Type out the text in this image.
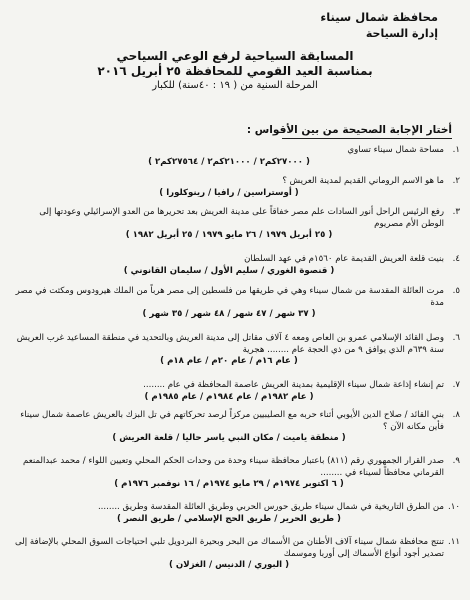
محافظة شمال سيناء
إدارة السياحة
المسابقة السياحية لرفع الوعي السياحي
بمناسبة العيد القومي للمحافظة ٢٥ أبريل ٢٠١٦
المرحلة السنية من ( ١٩ : ٤٠سنة) للكبار
أختار الإجابة الصحيحة من بين الأقواس :
١.
مساحة شمال سيناء تساوي
( ٢٧٠٠٠كم٢ / ٢١٠٠٠كم٢ / ٢٧٥٦٤كم٢ )
٢.
ما هو الاسم الروماني القديم لمدينة العريش ؟
( أوستراسين / رافيا / رينوكلورا )
٣.
رفع الرئيس الراحل أنور السادات علم مصر خفاقاً على مدينة العريش بعد تحريرها من العدو الإسرائيلي وعودتها إلى الوطن الأم مصريوم
( ٢٥ أبريل ١٩٧٩ / ٢٦ مايو ١٩٧٩ / ٢٥ أبريل ١٩٨٢ )
٤.
بنيت قلعة العريش القديمة عام ١٥٦٠م في عهد السلطان
( قنصوة الغوري / سليم الأول / سليمان القانوني )
٥.
مرت العائلة المقدسة من شمال سيناء وهي في طريقها من فلسطين إلى مصر هرباً من الملك هيرودوس ومكثت في مصر مدة
( ٣٧ شهر / ٤٧ شهر / ٤٨ شهر / ٣٥ شهر )
٦.
وصل القائد الإسلامي عمرو بن العاص ومعه ٤ آلاف مقاتل إلى مدينة العريش وبالتحديد في منطقة المساعيد غرب العريش سنة ٦٣٩م الذي يوافق ٩ من ذي الحجة عام ........ هجرية
( عام ١٦م / عام ٢٠م / عام ١٨م )
٧.
تم إنشاء إذاعة شمال سيناء الإقليمية بمدينة العريش عاصمة المحافظة في عام ........
( عام ١٩٨٢م / عام ١٩٨٤م / عام ١٩٨٥م )
٨.
بني القائد / صلاح الدين الأيوبي أثناء حربه مع الصليبيين مركزاً لرصد تحركاتهم في تل البزك بالعريش عاصمة شمال سيناء فأين مكانه الآن ؟
( منطقة ياميت / مكان النبي ياسر حاليا / قلعة العريش )
٩.
صدر القرار الجمهوري رقم (٨١١) باعتبار محافظة سيناء وحدة من وحدات الحكم المحلي وتعيين اللواء / محمد عبدالمنعم القرماني محافظاً لسيناء في ........
( ٦ اكتوبر ١٩٧٤م / ٢٩ مايو ١٩٧٤م / ١٦ نوفمبر ١٩٧٦م )
١٠.
من الطرق التاريخية في شمال سيناء طريق حورس الحربي وطريق العائلة المقدسة وطريق ........
( طريق الحرير / طريق الحج الإسلامي / طريق النصر )
١١.
تنتج محافظة شمال سيناء آلاف الأطنان من الأسماك من البحر وبحيرة البردويل تلبي احتياجات السوق المحلي بالإضافة إلى تصدير أجود أنواع الأسماك إلى أوربا وموسمك
( البوري / الدنيس / الغزلان )
